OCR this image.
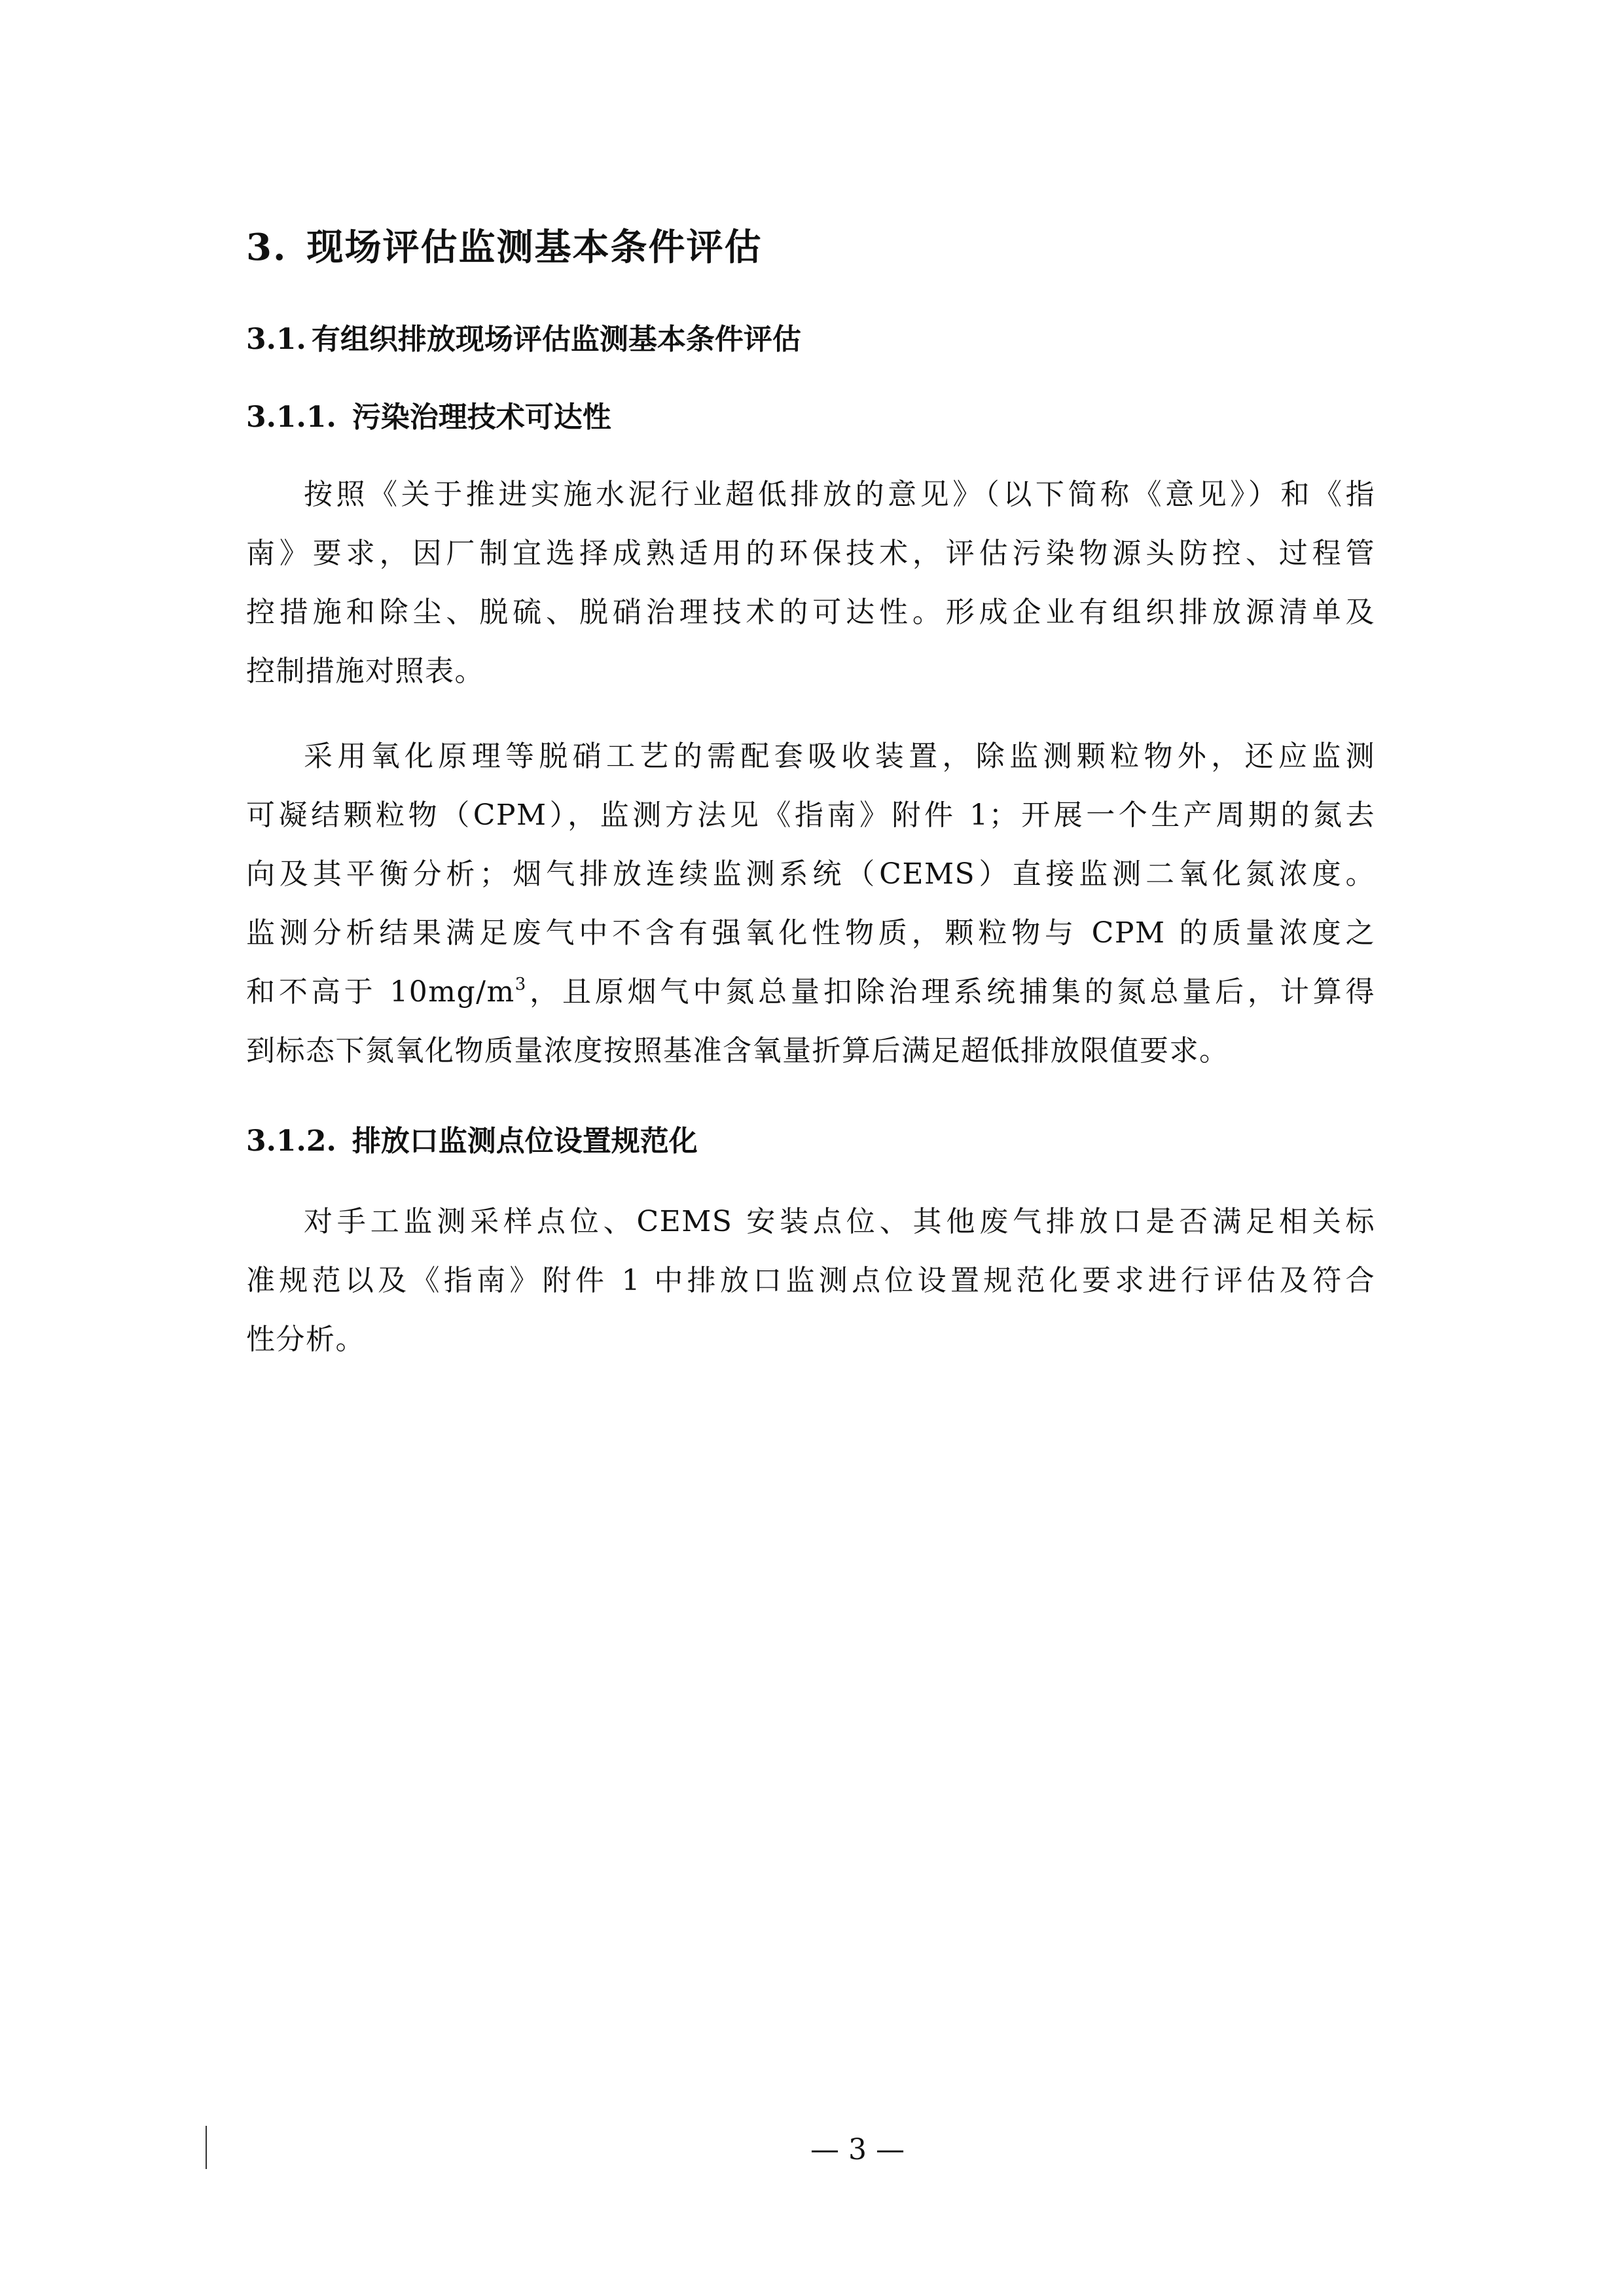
3. 现场评估监测基本条件评估
3.1. 有组织排放现场评估监测基本条件评估
3.1.1. 污染治理技术可达性
按照《关于推进实施水泥行业超低排放的意见》（以下简称《意见》）和《指
南》要求，因厂制宜选择成熟适用的环保技术，评估污染物源头防控、过程管
控措施和除尘、脱硫、脱硝治理技术的可达性。形成企业有组织排放源清单及
控制措施对照表。
采用氧化原理等脱硝工艺的需配套吸收装置，除监测颗粒物外，还应监测
可凝结颗粒物（CPM），监测方法见《指南》附件 1；开展一个生产周期的氮去
向及其平衡分析；烟气排放连续监测系统（CEMS）直接监测二氧化氮浓度。
监测分析结果满足废气中不含有强氧化性物质，颗粒物与 CPM 的质量浓度之
和不高于 $10mg/m^3$，且原烟气中氮总量扣除治理系统捕集的氮总量后，计算得
到标态下氮氧化物质量浓度按照基准含氧量折算后满足超低排放限值要求。
3.1.2. 排放口监测点位设置规范化
对手工监测采样点位、CEMS 安装点位、其他废气排放口是否满足相关标
准规范以及《指南》附件 1 中排放口监测点位设置规范化要求进行评估及符合
性分析。
— 3 —
